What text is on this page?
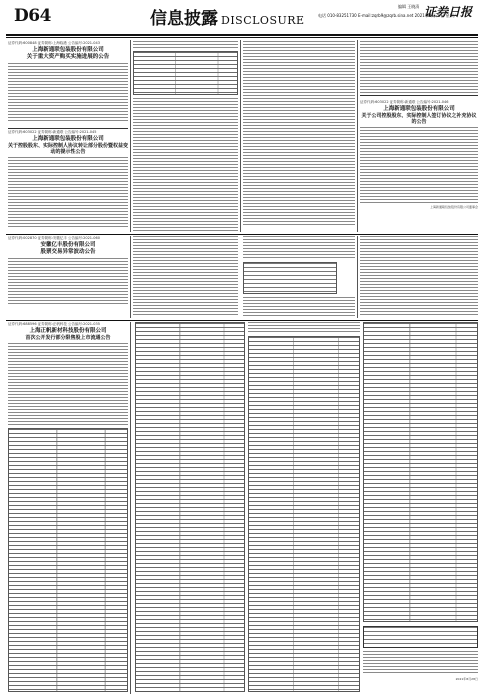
D64	信息披露 DISCLOSURE
编辑 王晓清
电话 010-83251730 E-mail:zqrb9@zqrb.sina.net 2021年8月28日 星期六
证券日报
证券代码:600848 证券简称:上海临港 公告编号:2021-043
上海新通联包装股份有限公司
关于重大资产购买实施进展的公告
证券代码:603022 证券简称:新通联 公告编号:2021-045
上海新通联包装股份有限公司
关于控股股东、实际控制人协议转让部分股份暨权益变动的提示性公告
证券代码:603022 证券简称:新通联 公告编号:2021-046
上海新通联包装股份有限公司
关于公司控股股东、实际控制人签订协议之补充协议的公告
上海新通联包装股份有限公司董事会
证券代码:002870 证券简称:安徽亿丰 公告编号:2021-060
安徽亿丰股份有限公司
股票交易异常波动公告
证券代码:688596 证券简称:正帆科技 公告编号:2021-035
上海正帆新材科技股份有限公司
首次公开发行部分限售股上市流通公告
2021年8月28日
